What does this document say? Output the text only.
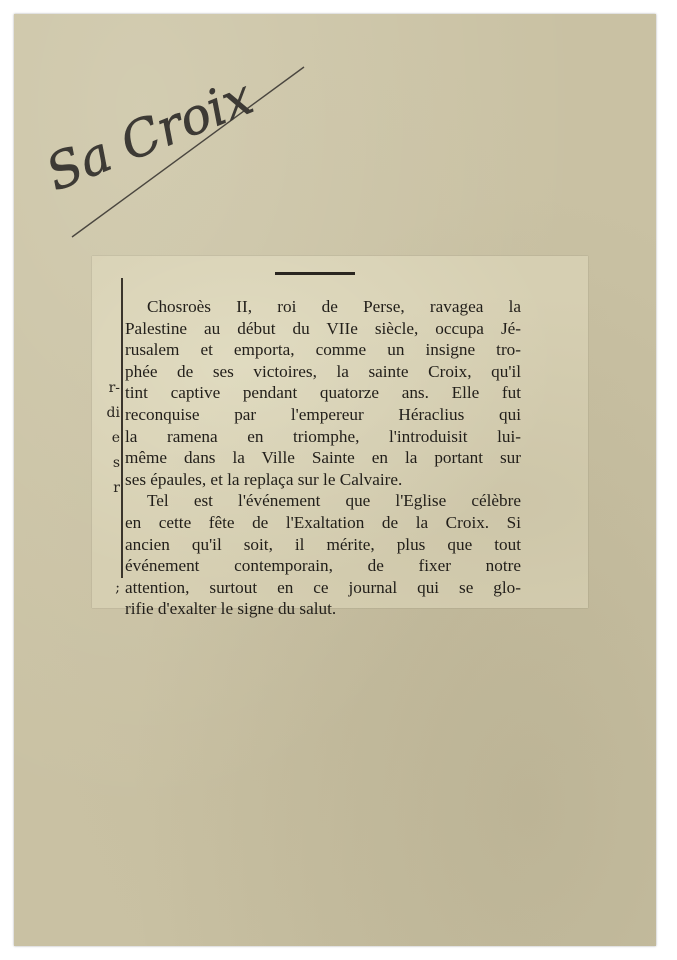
Sa Croix
r-
di
e
s
r
;
Chosroès II, roi de Perse, ravagea la
Palestine au début du VIIe siècle, occupa Jé-
rusalem et emporta, comme un insigne tro-
phée de ses victoires, la sainte Croix, qu'il
tint captive pendant quatorze ans. Elle fut
reconquise par l'empereur Héraclius qui
la ramena en triomphe, l'introduisit lui-
même dans la Ville Sainte en la portant sur
ses épaules, et la replaça sur le Calvaire.
Tel est l'événement que l'Eglise célèbre
en cette fête de l'Exaltation de la Croix. Si
ancien qu'il soit, il mérite, plus que tout
événement contemporain, de fixer notre
attention, surtout en ce journal qui se glo-
rifie d'exalter le signe du salut.
